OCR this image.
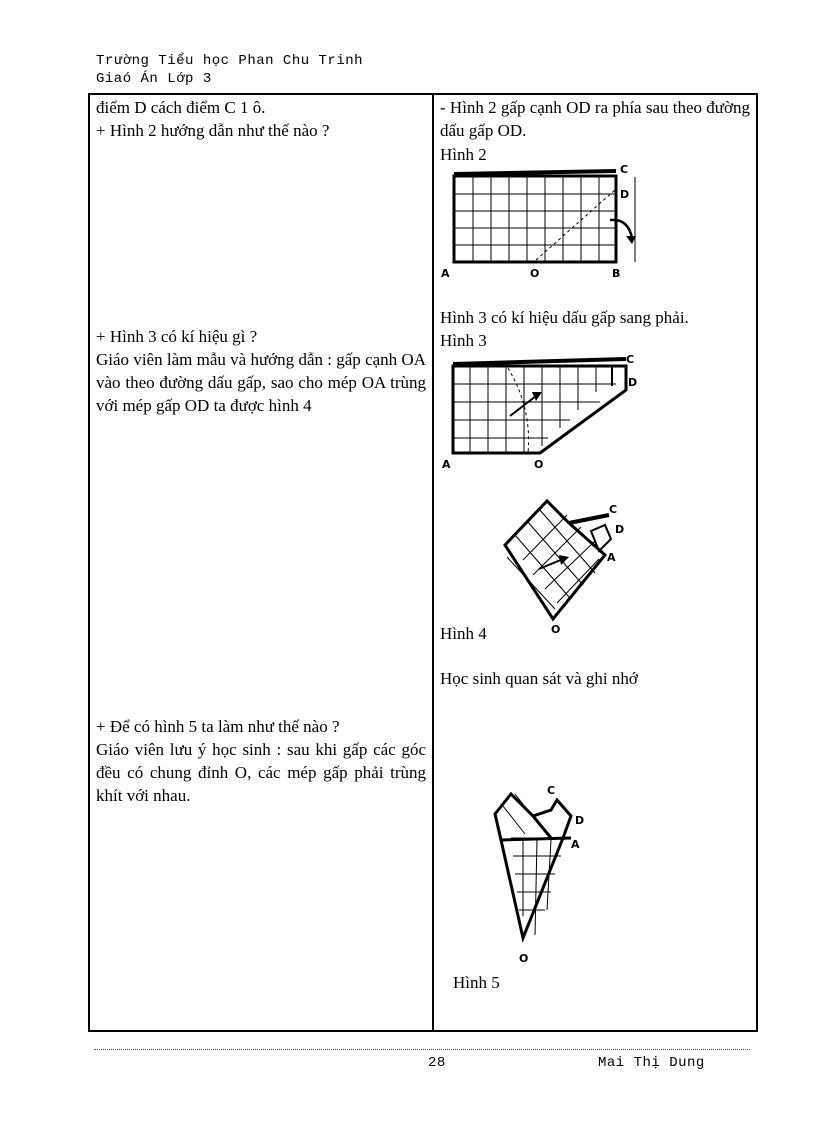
Trường Tiểu học Phan Chu Trinh
Giaó Án Lớp 3
điểm D cách điểm C 1 ô.
+ Hình 2 hướng dẫn như thế nào ?
+ Hình 3 có kí hiệu gì ?
Giáo viên làm mẫu và hướng dẫn : gấp cạnh OA vào theo đường dấu gấp, sao cho mép OA trùng với mép gấp OD ta được hình 4
+ Để có hình 5 ta làm như thế nào ?
Giáo viên lưu ý học sinh : sau khi gấp các góc đều có chung đỉnh O, các mép gấp phải trùng khít với nhau.
- Hình 2 gấp cạnh OD ra phía sau theo đường dấu gấp OD.
Hình 2
A	O	B
C
D
Hình 3 có kí hiệu dấu gấp sang phải.
Hình 3
A	O
C
D
C
D
A
O
Hình 4
Học sinh quan sát và ghi nhớ
C
D
A
O
Hình 5
28	Mai Thị Dung
